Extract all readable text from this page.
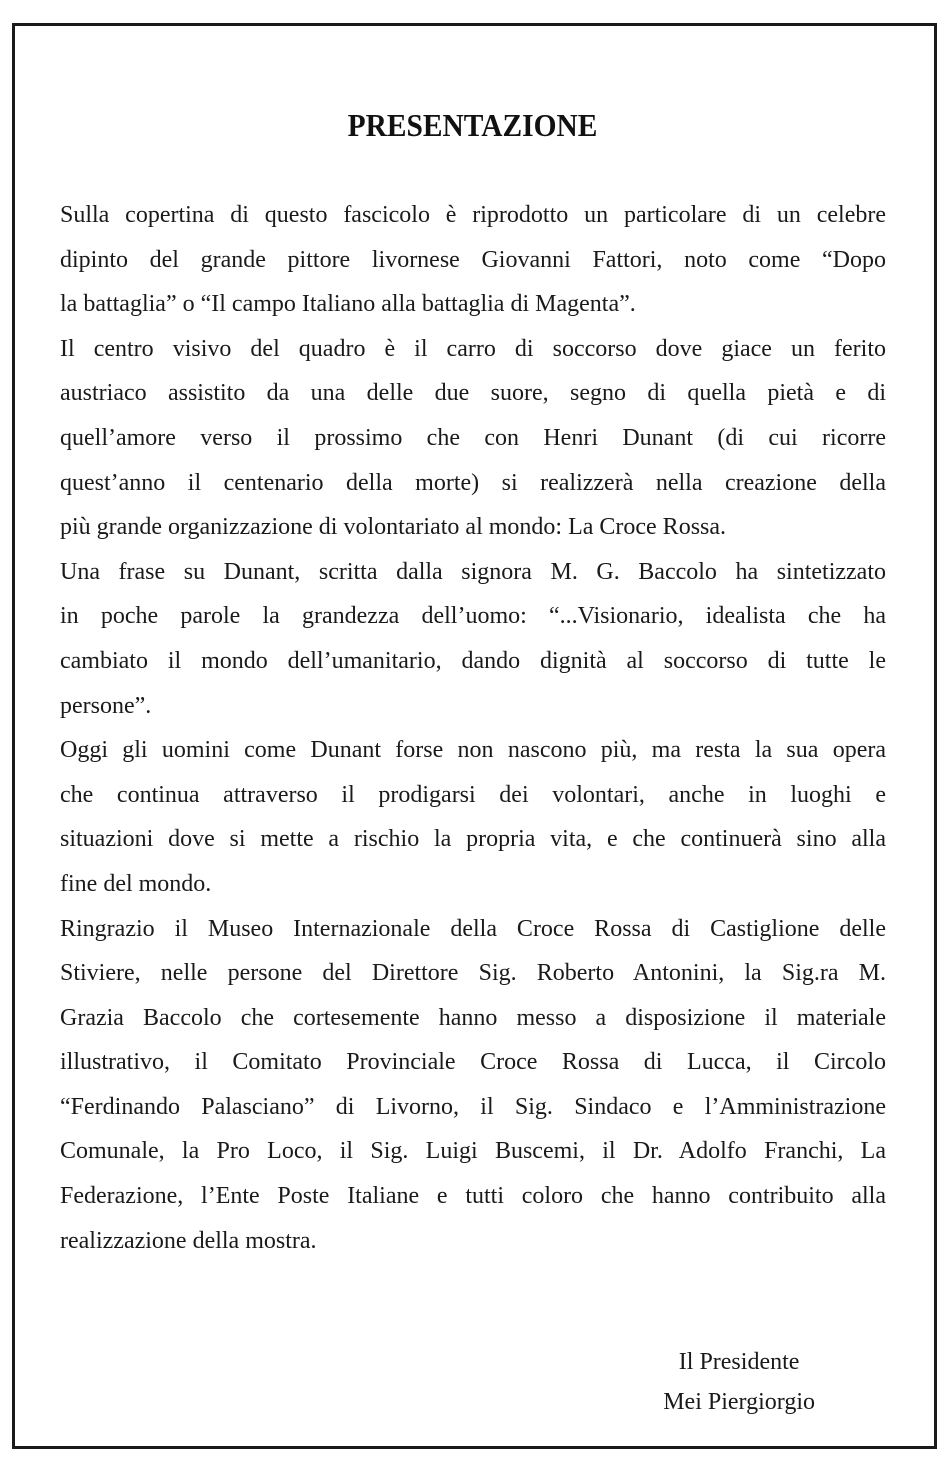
PRESENTAZIONE

Sulla copertina di questo fascicolo è riprodotto un particolare di un celebre
dipinto del grande pittore livornese Giovanni Fattori, noto come “Dopo
la battaglia” o “Il campo Italiano alla battaglia di Magenta”.

Il centro visivo del quadro è il carro di soccorso dove giace un ferito
austriaco assistito da una delle due suore, segno di quella pietà e di
quell’amore verso il prossimo che con Henri Dunant (di cui ricorre
quest’anno il centenario della morte) si realizzerà nella creazione della
più grande organizzazione di volontariato al mondo: La Croce Rossa.

Una frase su Dunant, scritta dalla signora M. G. Baccolo ha sintetizzato
in poche parole la grandezza dell’uomo: “...Visionario, idealista che ha
cambiato il mondo dell’umanitario, dando dignità al soccorso di tutte le
persone”.

Oggi gli uomini come Dunant forse non nascono più, ma resta la sua opera
che continua attraverso il prodigarsi dei volontari, anche in luoghi e
situazioni dove si mette a rischio la propria vita, e che continuerà sino alla
fine del mondo.

Ringrazio il Museo Internazionale della Croce Rossa di Castiglione delle
Stiviere, nelle persone del Direttore Sig. Roberto Antonini, la Sig.ra M.
Grazia Baccolo che cortesemente hanno messo a disposizione il materiale
illustrativo, il Comitato Provinciale Croce Rossa di Lucca, il Circolo
“Ferdinando Palasciano” di Livorno, il Sig. Sindaco e l’Amministrazione
Comunale, la Pro Loco, il Sig. Luigi Buscemi, il Dr. Adolfo Franchi, La
Federazione, l’Ente Poste Italiane e tutti coloro che hanno contribuito alla
realizzazione della mostra.

Il Presidente
Mei Piergiorgio
